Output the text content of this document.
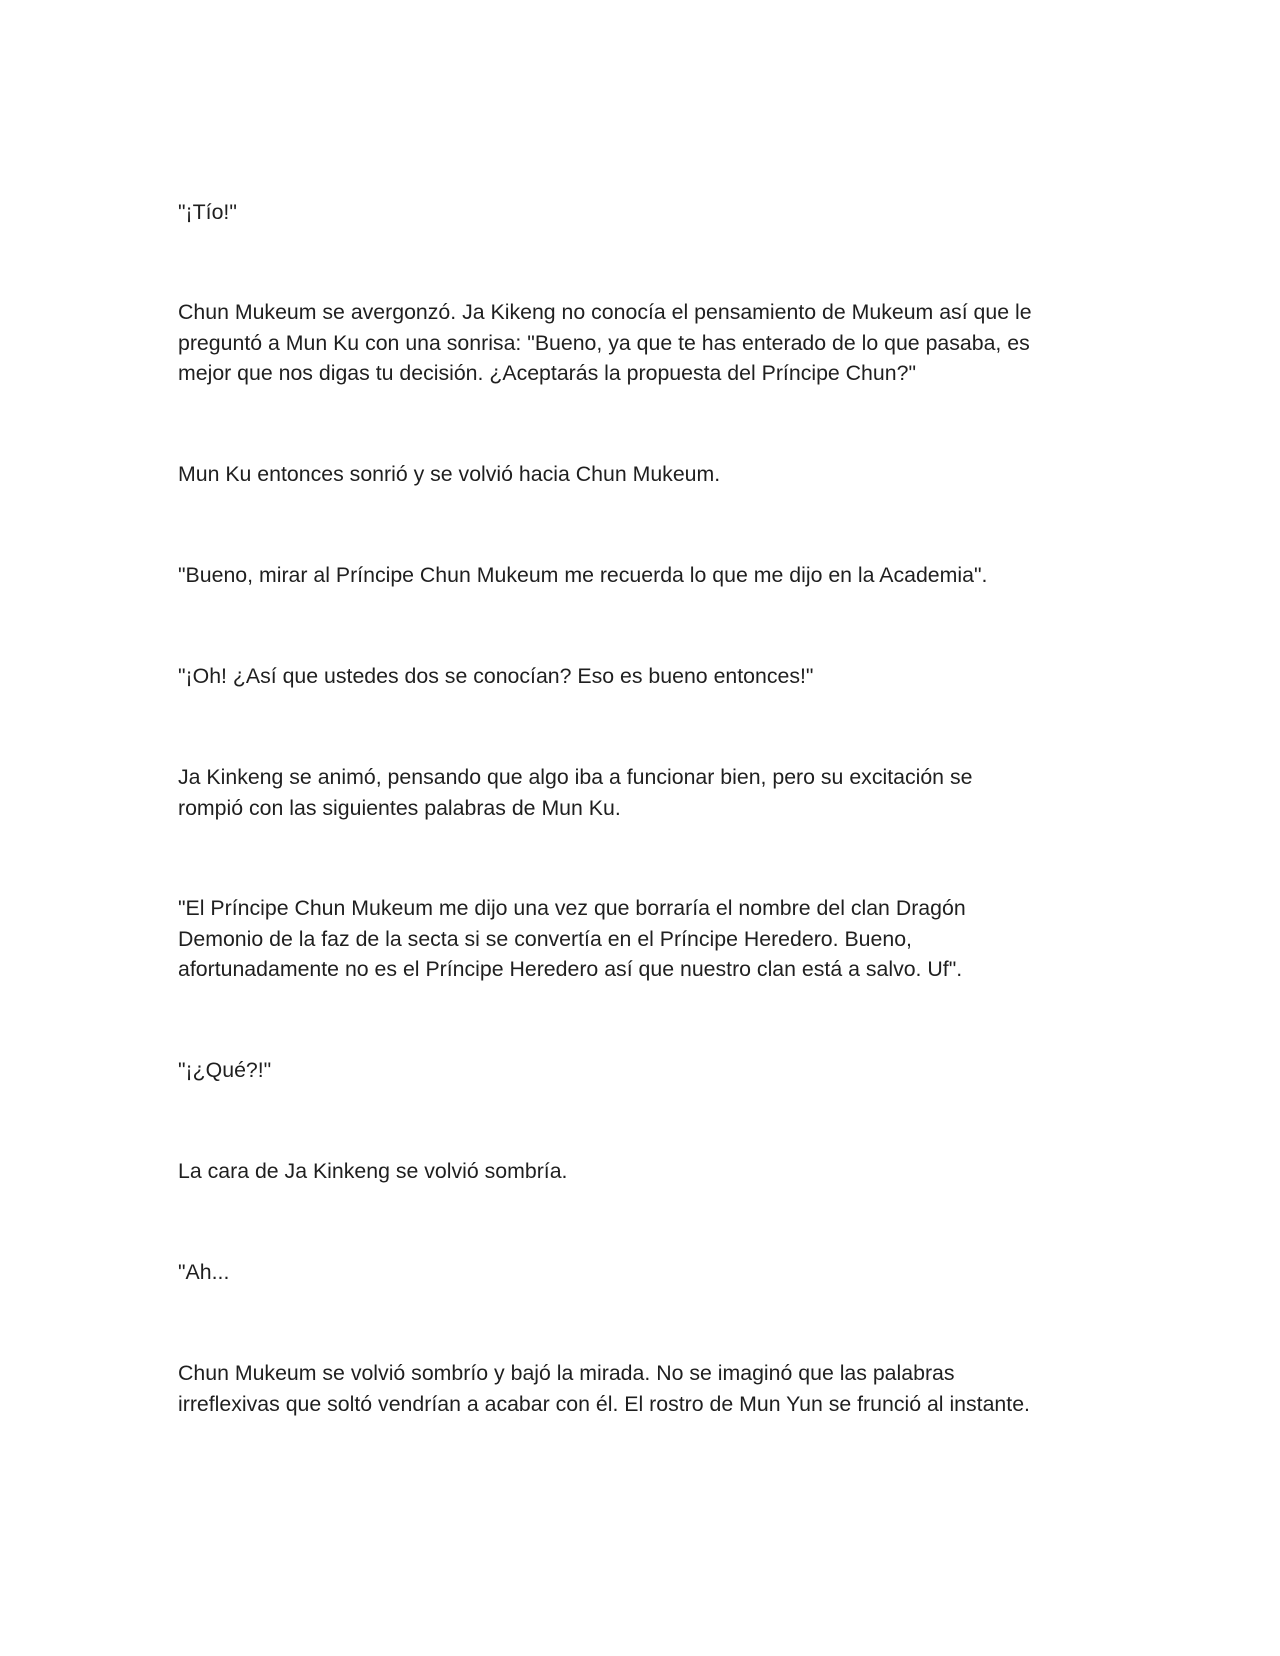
"¡Tío!"

Chun Mukeum se avergonzó. Ja Kikeng no conocía el pensamiento de Mukeum así que le
preguntó a Mun Ku con una sonrisa: "Bueno, ya que te has enterado de lo que pasaba, es
mejor que nos digas tu decisión. ¿Aceptarás la propuesta del Príncipe Chun?"

Mun Ku entonces sonrió y se volvió hacia Chun Mukeum.

"Bueno, mirar al Príncipe Chun Mukeum me recuerda lo que me dijo en la Academia".

"¡Oh! ¿Así que ustedes dos se conocían? Eso es bueno entonces!"

Ja Kinkeng se animó, pensando que algo iba a funcionar bien, pero su excitación se
rompió con las siguientes palabras de Mun Ku.

"El Príncipe Chun Mukeum me dijo una vez que borraría el nombre del clan Dragón
Demonio de la faz de la secta si se convertía en el Príncipe Heredero. Bueno,
afortunadamente no es el Príncipe Heredero así que nuestro clan está a salvo. Uf".

"¡¿Qué?!"

La cara de Ja Kinkeng se volvió sombría.

"Ah...

Chun Mukeum se volvió sombrío y bajó la mirada. No se imaginó que las palabras
irreflexivas que soltó vendrían a acabar con él. El rostro de Mun Yun se frunció al instante.
